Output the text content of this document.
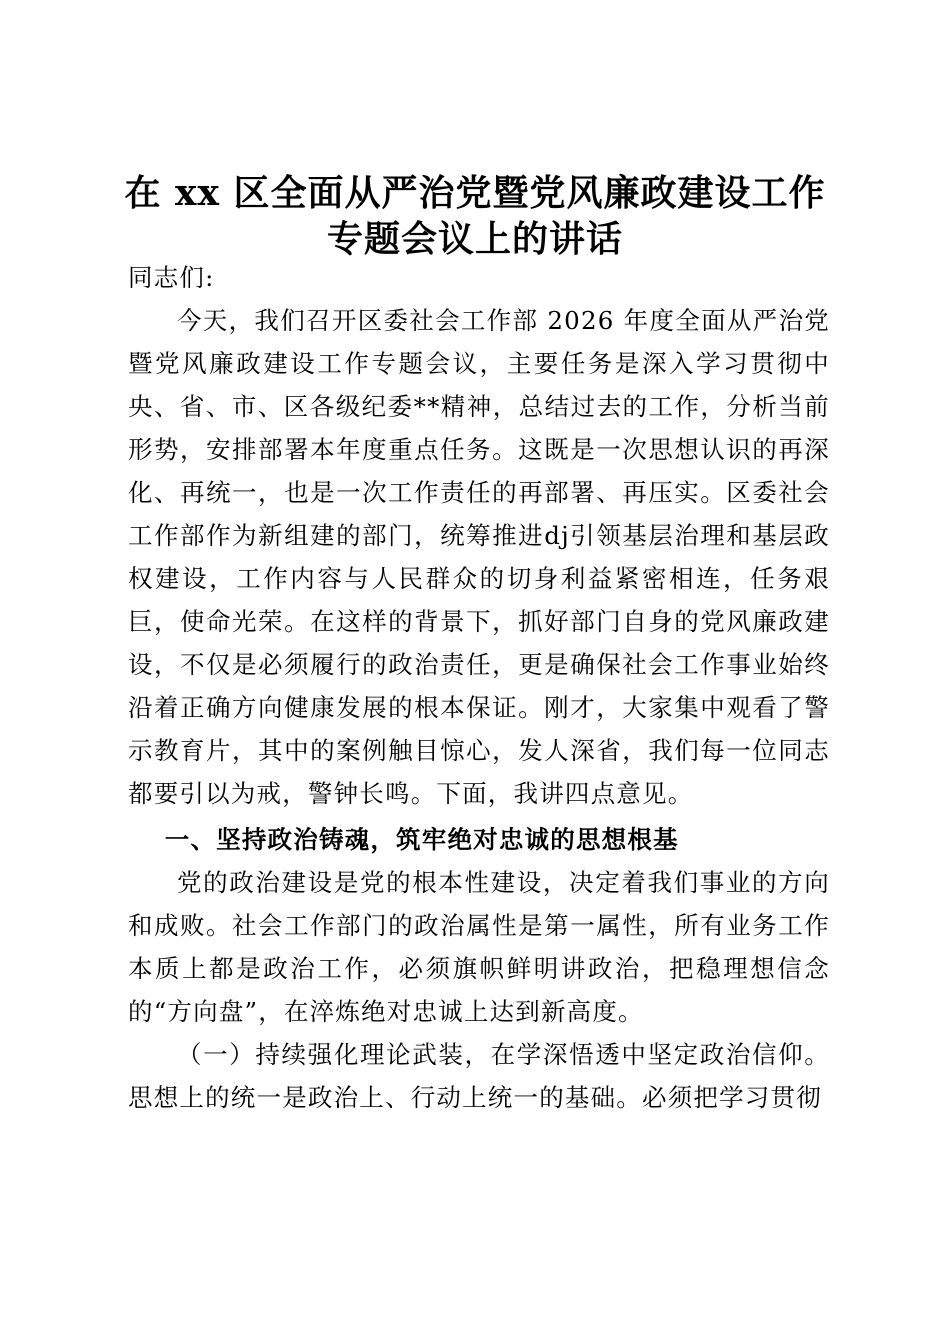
在 xx 区全面从严治党暨党风廉政建设工作专题会议上的讲话

同志们:

今天，我们召开区委社会工作部 2026 年度全面从严治党暨党风廉政建设工作专题会议，主要任务是深入学习贯彻中央、省、市、区各级纪委**精神，总结过去的工作，分析当前形势，安排部署本年度重点任务。这既是一次思想认识的再深化、再统一，也是一次工作责任的再部署、再压实。区委社会工作部作为新组建的部门，统筹推进dj引领基层治理和基层政权建设，工作内容与人民群众的切身利益紧密相连，任务艰巨，使命光荣。在这样的背景下，抓好部门自身的党风廉政建设，不仅是必须履行的政治责任，更是确保社会工作事业始终沿着正确方向健康发展的根本保证。刚才，大家集中观看了警示教育片，其中的案例触目惊心，发人深省，我们每一位同志都要引以为戒，警钟长鸣。下面，我讲四点意见。

一、坚持政治铸魂，筑牢绝对忠诚的思想根基

党的政治建设是党的根本性建设，决定着我们事业的方向和成败。社会工作部门的政治属性是第一属性，所有业务工作本质上都是政治工作，必须旗帜鲜明讲政治，把稳理想信念的“方向盘”，在淬炼绝对忠诚上达到新高度。

（一）持续强化理论武装，在学深悟透中坚定政治信仰。思想上的统一是政治上、行动上统一的基础。必须把学习贯彻
